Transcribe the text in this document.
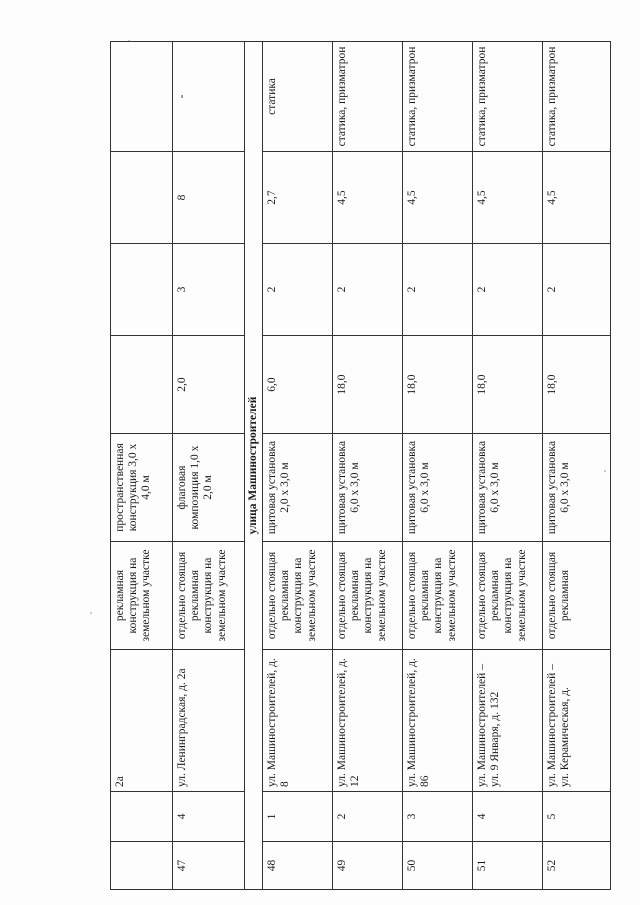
		2а	рекламная конструкция на земельном участке	пространственная конструкция 3,0 х 4,0 м				
47	4	ул. Ленинградская, д. 2а	отдельно стоящая рекламная конструкция на земельном участке	флаговая композиция 1,0 х 2,0 м	2,0	3	8	-
улица Машиностроителей								
48	1	ул. Машиностроителей, д. 8	отдельно стоящая рекламная конструкция на земельном участке	щитовая установка 2,0 х 3,0 м	6,0	2	2,7	статика
49	2	ул. Машиностроителей, д. 12	отдельно стоящая рекламная конструкция на земельном участке	щитовая установка 6,0 х 3,0 м	18,0	2	4,5	статика, призматрон
50	3	ул. Машиностроителей, д. 86	отдельно стоящая рекламная конструкция на земельном участке	щитовая установка 6,0 х 3,0 м	18,0	2	4,5	статика, призматрон
51	4	ул. Машиностроителей – ул. 9 Января, д. 132	отдельно стоящая рекламная конструкция на земельном участке	щитовая установка 6,0 х 3,0 м	18,0	2	4,5	статика, призматрон
52	5	ул. Машиностроителей – ул. Керамическая, д.	отдельно стоящая рекламная	щитовая установка 6,0 х 3,0 м	18,0	2	4,5	статика, призматрон
